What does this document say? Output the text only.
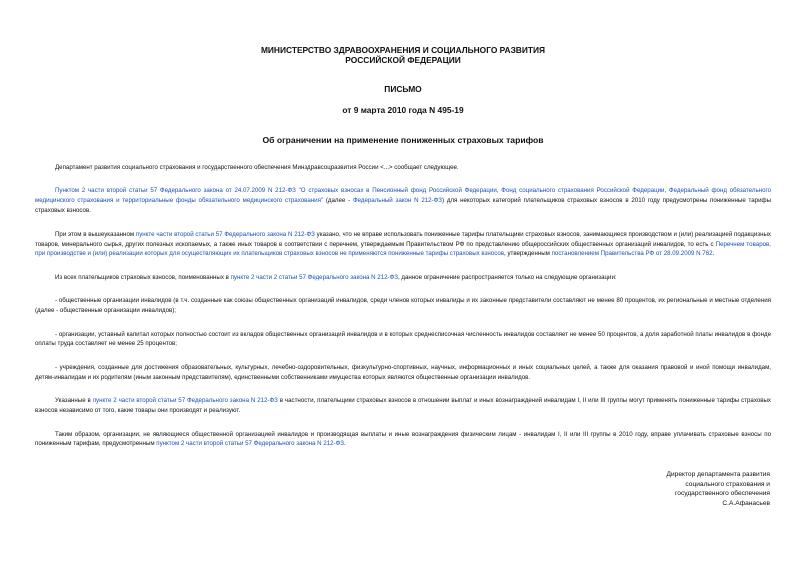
МИНИСТЕРСТВО ЗДРАВООХРАНЕНИЯ И СОЦИАЛЬНОГО РАЗВИТИЯ
РОССИЙСКОЙ ФЕДЕРАЦИИ
ПИСЬМО
от 9 марта 2010 года N 495-19
Об ограничении на применение пониженных страховых тарифов

Департамент развития социального страхования и государственного обеспечения Минздравсоцразвития России <...> сообщает следующее.

Пунктом 2 части второй статьи 57 Федерального закона от 24.07.2009 N 212-ФЗ "О страховых взносах в Пенсионный фонд Российской Федерации, Фонд социального страхования Российской Федерации, Федеральный фонд обязательного медицинского страхования и территориальные фонды обязательного медицинского страхования" (далее - Федеральный закон N 212-ФЗ) для некоторых категорий плательщиков страховых взносов в 2010 году предусмотрены пониженные тарифы страховых взносов.

При этом в вышеуказанном пункте части второй статьи 57 Федерального закона N 212-ФЗ указано, что не вправе использовать пониженные тарифы плательщики страховых взносов, занимающиеся производством и (или) реализацией подакцизных товаров, минерального сырья, других полезных ископаемых, а также иных товаров в соответствии с перечнем, утверждаемым Правительством РФ по представлению общероссийских общественных организаций инвалидов, то есть с Перечнем товаров, при производстве и (или) реализации которых для осуществляющих их плательщиков страховых взносов не применяются пониженные тарифы страховых взносов, утвержденным постановлением Правительства РФ от 28.09.2009 N 762.

Из всех плательщиков страховых взносов, поименованных в пункте 2 части 2 статьи 57 Федерального закона N 212-ФЗ, данное ограничение распространяется только на следующие организации:

- общественные организации инвалидов (в т.ч. созданные как союзы общественных организаций инвалидов, среди членов которых инвалиды и их законные представители составляют не менее 80 процентов, их региональные и местные отделения (далее - общественные организации инвалидов);

- организации, уставный капитал которых полностью состоит из вкладов общественных организаций инвалидов и в которых среднесписочная численность инвалидов составляет не менее 50 процентов, а доля заработной платы инвалидов в фонде оплаты труда составляет не менее 25 процентов;

- учреждения, созданные для достижения образовательных, культурных, лечебно-оздоровительных, физкультурно-спортивных, научных, информационных и иных социальных целей, а также для оказания правовой и иной помощи инвалидам, детям-инвалидам и их родителям (иным законным представителям), единственными собственниками имущества которых являются общественные организации инвалидов.

Указанные в пункте 2 части второй статьи 57 Федерального закона N 212-ФЗ в частности, плательщики страховых взносов в отношении выплат и иных вознаграждений инвалидам I, II или III группы могут применять пониженные тарифы страховых взносов независимо от того, какие товары они производят и реализуют.

Таким образом, организации, не являющиеся общественной организацией инвалидов и производящая выплаты и иные вознаграждения физическим лицам - инвалидам I, II или III группы в 2010 году, вправе уплачивать страховые взносы по пониженным тарифам, предусмотренным пунктом 2 части второй статьи 57 Федерального закона N 212-ФЗ.

Директор департамента развития
социального страхования и
государственного обеспечения
С.А.Афанасьев
